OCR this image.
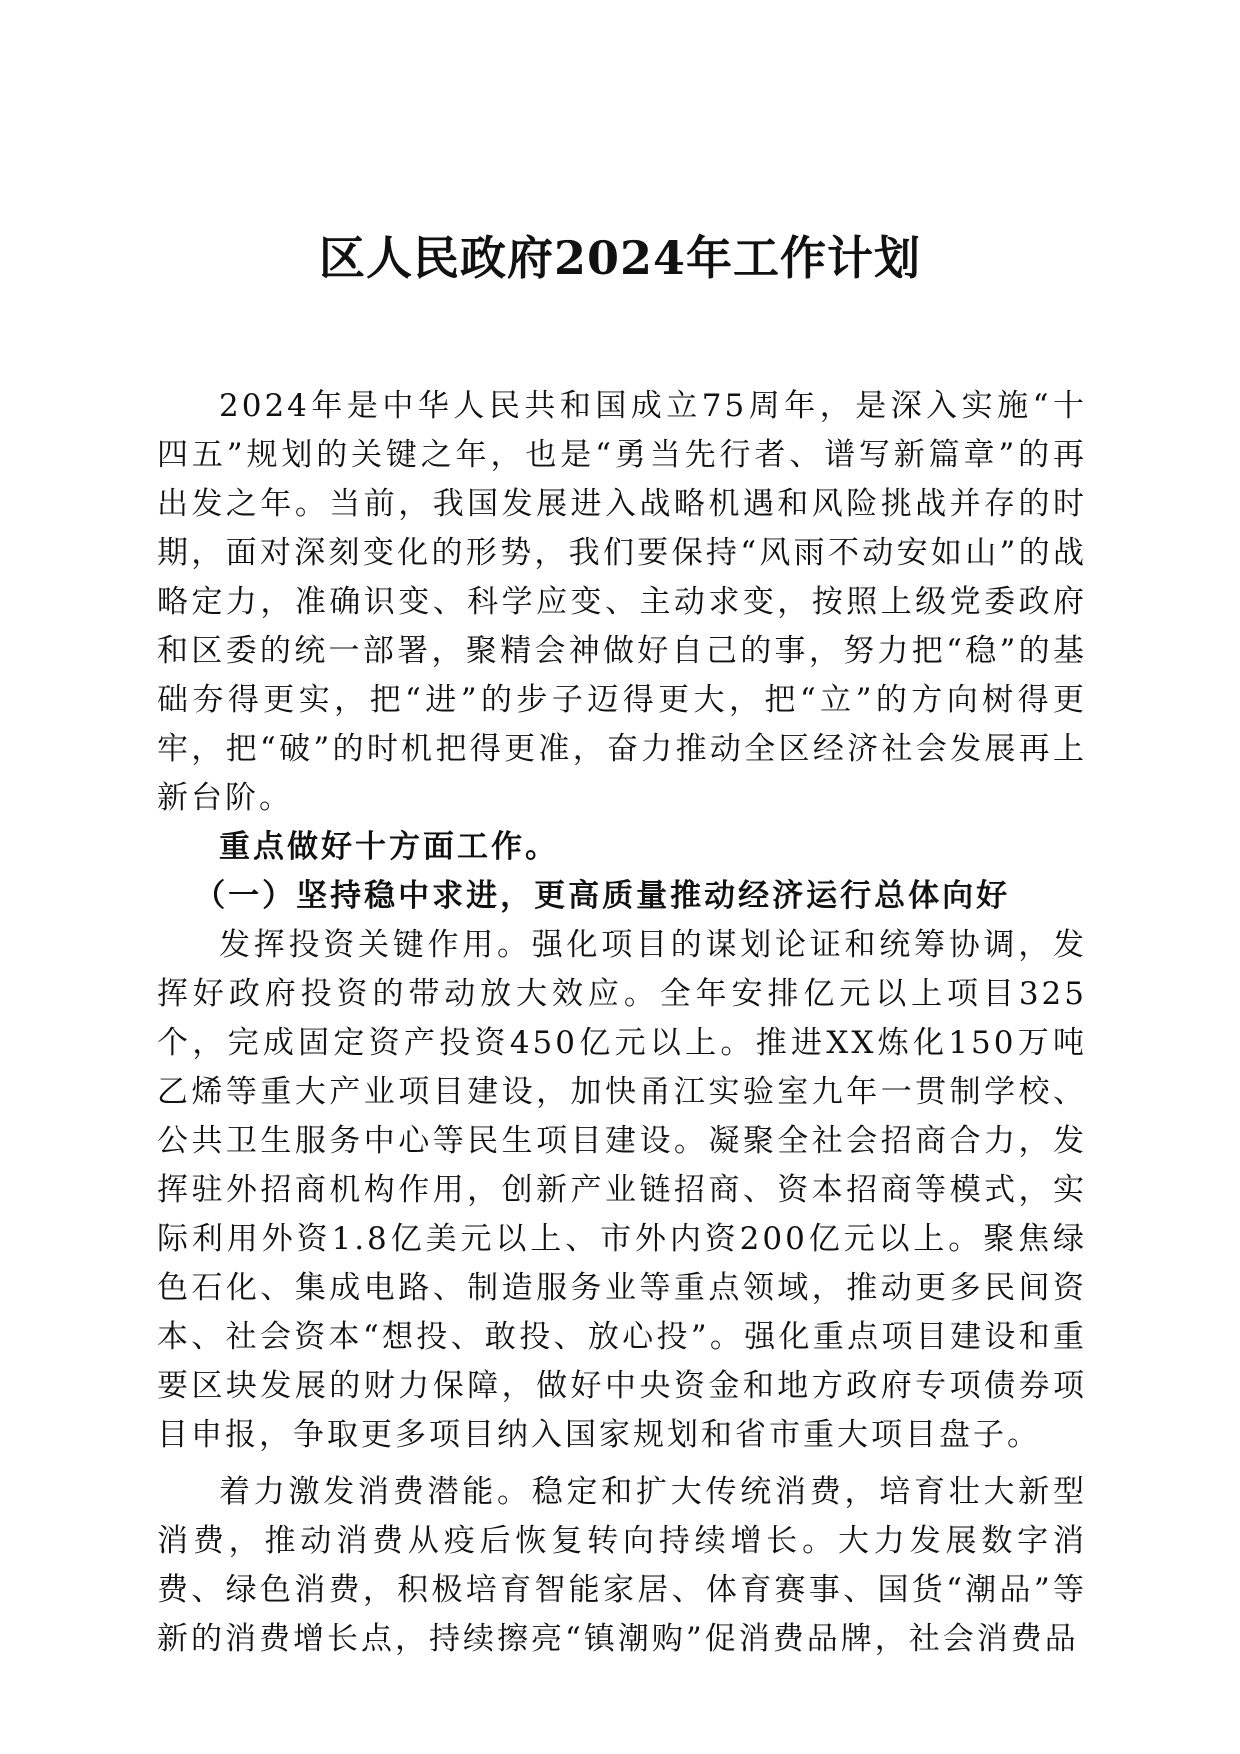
区人民政府2024年工作计划

2024年是中华人民共和国成立75周年，是深入实施“十四五”规划的关键之年，也是“勇当先行者、谱写新篇章”的再出发之年。当前，我国发展进入战略机遇和风险挑战并存的时期，面对深刻变化的形势，我们要保持“风雨不动安如山”的战略定力，准确识变、科学应变、主动求变，按照上级党委政府和区委的统一部署，聚精会神做好自己的事，努力把“稳”的基础夯得更实，把“进”的步子迈得更大，把“立”的方向树得更牢，把“破”的时机把得更准，奋力推动全区经济社会发展再上新台阶。

重点做好十方面工作。

（一）坚持稳中求进，更高质量推动经济运行总体向好

发挥投资关键作用。强化项目的谋划论证和统筹协调，发挥好政府投资的带动放大效应。全年安排亿元以上项目325个，完成固定资产投资450亿元以上。推进XX炼化150万吨乙烯等重大产业项目建设，加快甬江实验室九年一贯制学校、公共卫生服务中心等民生项目建设。凝聚全社会招商合力，发挥驻外招商机构作用，创新产业链招商、资本招商等模式，实际利用外资1.8亿美元以上、市外内资200亿元以上。聚焦绿色石化、集成电路、制造服务业等重点领域，推动更多民间资本、社会资本“想投、敢投、放心投”。强化重点项目建设和重要区块发展的财力保障，做好中央资金和地方政府专项债券项目申报，争取更多项目纳入国家规划和省市重大项目盘子。

着力激发消费潜能。稳定和扩大传统消费，培育壮大新型消费，推动消费从疫后恢复转向持续增长。大力发展数字消费、绿色消费，积极培育智能家居、体育赛事、国货“潮品”等新的消费增长点，持续擦亮“镇潮购”促消费品牌，社会消费品
